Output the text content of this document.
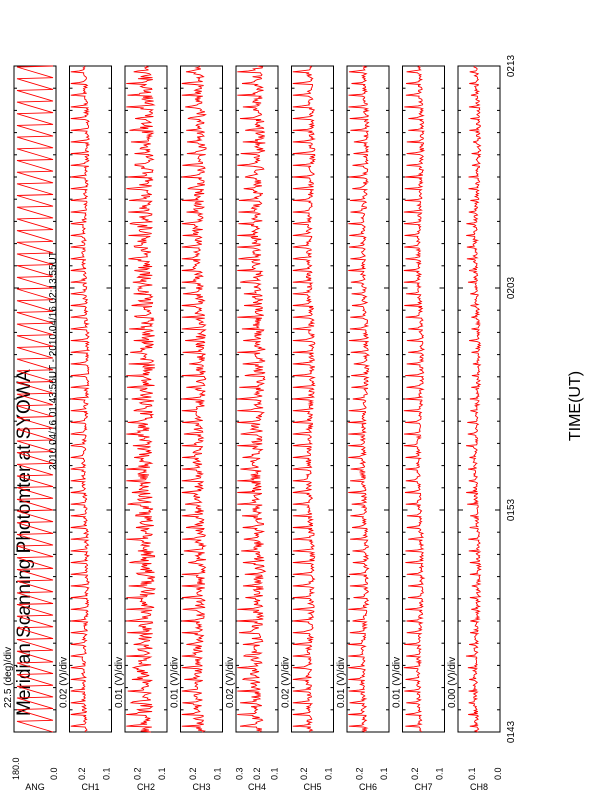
Meridian Scanning Photomter at SYOWA
2010 04/16 01:43:56UT - 2010 04/16 02:13:55UT	TIME(UT)
22.5 (deg)/div
ANG
0.0
180.0
0.02 (V)/div
CH1
0.1
0.2
0.01 (V)/div
CH2
0.1
0.2
0.01 (V)/div
CH3
0.1
0.2
0.02 (V)/div
CH4
0.1
0.2
0.3
0.02 (V)/div
CH5
0.1
0.2
0.01 (V)/div
CH6
0.1
0.2
0.01 (V)/div
CH7
0.1
0.2
0.00 (V)/div
CH8
0.0
0.1
0143
0153
0203
0213
